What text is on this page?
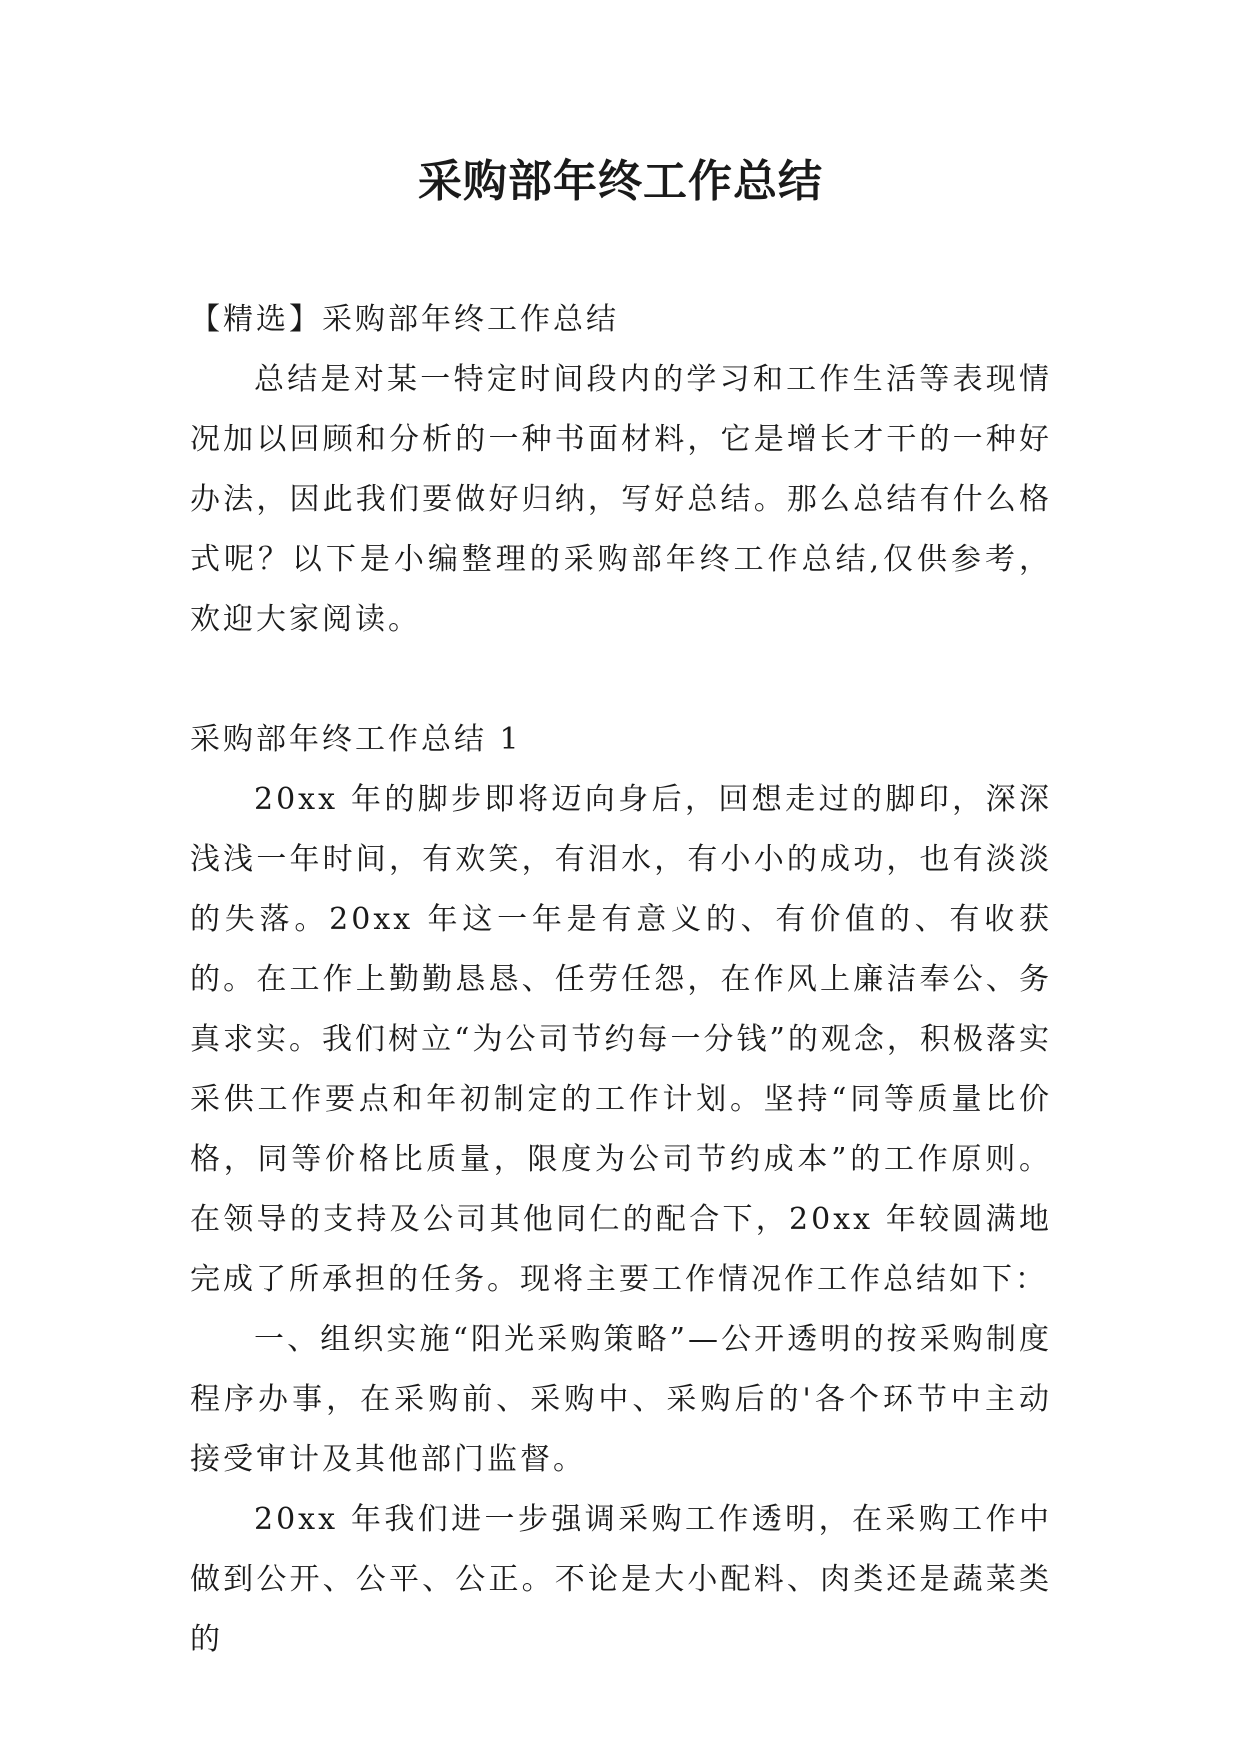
采购部年终工作总结

【精选】采购部年终工作总结

总结是对某一特定时间段内的学习和工作生活等表现情况加以回顾和分析的一种书面材料，它是增长才干的一种好办法，因此我们要做好归纳，写好总结。那么总结有什么格式呢？以下是小编整理的采购部年终工作总结,仅供参考，欢迎大家阅读。

采购部年终工作总结 1

20xx 年的脚步即将迈向身后，回想走过的脚印，深深浅浅一年时间，有欢笑，有泪水，有小小的成功，也有淡淡的失落。20xx 年这一年是有意义的、有价值的、有收获的。在工作上勤勤恳恳、任劳任怨，在作风上廉洁奉公、务真求实。我们树立“为公司节约每一分钱”的观念，积极落实采供工作要点和年初制定的工作计划。坚持“同等质量比价格，同等价格比质量，限度为公司节约成本”的工作原则。在领导的支持及公司其他同仁的配合下，20xx 年较圆满地完成了所承担的任务。现将主要工作情况作工作总结如下：

一、组织实施“阳光采购策略”—公开透明的按采购制度程序办事，在采购前、采购中、采购后的'各个环节中主动接受审计及其他部门监督。

20xx 年我们进一步强调采购工作透明，在采购工作中做到公开、公平、公正。不论是大小配料、肉类还是蔬菜类的
